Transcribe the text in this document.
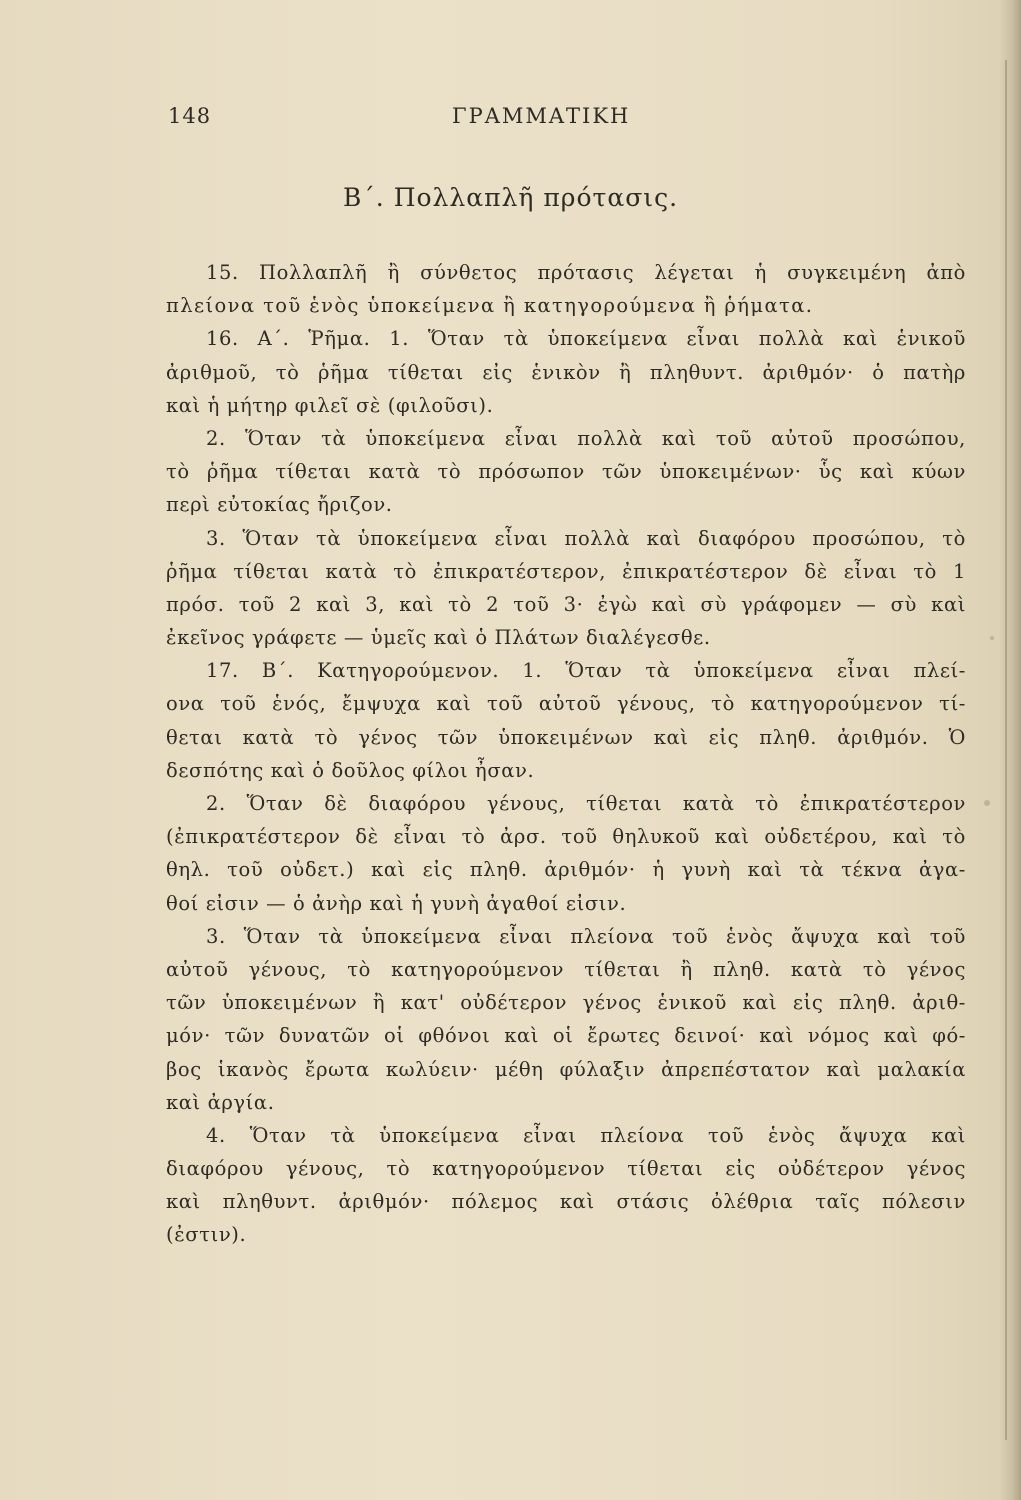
148	ΓΡΑΜΜΑΤΙΚΗ
Β΄. Πολλαπλῆ πρότασις.
15. Πολλαπλῆ ἢ σύνθετος πρότασις λέγεται ἡ συγκειμένη ἀπὸ
πλείονα τοῦ ἑνὸς ὑποκείμενα ἢ κατηγορούμενα ἢ ῥήματα.
16. Α΄. Ῥῆμα. 1. Ὅταν τὰ ὑποκείμενα εἶναι πολλὰ καὶ ἑνικοῦ
ἀριθμοῦ, τὸ ῥῆμα τίθεται εἰς ἑνικὸν ἢ πληθυντ. ἀριθμόν· ὁ πατὴρ
καὶ ἡ μήτηρ φιλεῖ σὲ (φιλοῦσι).
2. Ὅταν τὰ ὑποκείμενα εἶναι πολλὰ καὶ τοῦ αὐτοῦ προσώπου,
τὸ ῥῆμα τίθεται κατὰ τὸ πρόσωπον τῶν ὑποκειμένων· ὗς καὶ κύων
περὶ εὐτοκίας ἤριζον.
3. Ὅταν τὰ ὑποκείμενα εἶναι πολλὰ καὶ διαφόρου προσώπου, τὸ
ῥῆμα τίθεται κατὰ τὸ ἐπικρατέστερον, ἐπικρατέστερον δὲ εἶναι τὸ 1
πρόσ. τοῦ 2 καὶ 3, καὶ τὸ 2 τοῦ 3· ἐγὼ καὶ σὺ γράφομεν — σὺ καὶ
ἐκεῖνος γράφετε — ὑμεῖς καὶ ὁ Πλάτων διαλέγεσθε.
17. Β΄. Κατηγορούμενον. 1. Ὅταν τὰ ὑποκείμενα εἶναι πλεί-
ονα τοῦ ἑνός, ἔμψυχα καὶ τοῦ αὐτοῦ γένους, τὸ κατηγορούμενον τί-
θεται κατὰ τὸ γένος τῶν ὑποκειμένων καὶ εἰς πληθ. ἀριθμόν. Ὁ
δεσπότης καὶ ὁ δοῦλος φίλοι ἦσαν.
2. Ὅταν δὲ διαφόρου γένους, τίθεται κατὰ τὸ ἐπικρατέστερον
(ἐπικρατέστερον δὲ εἶναι τὸ ἀρσ. τοῦ θηλυκοῦ καὶ οὐδετέρου, καὶ τὸ
θηλ. τοῦ οὐδετ.) καὶ εἰς πληθ. ἀριθμόν· ἡ γυνὴ καὶ τὰ τέκνα ἀγα-
θοί εἰσιν — ὁ ἀνὴρ καὶ ἡ γυνὴ ἀγαθοί εἰσιν.
3. Ὅταν τὰ ὑποκείμενα εἶναι πλείονα τοῦ ἑνὸς ἄψυχα καὶ τοῦ
αὐτοῦ γένους, τὸ κατηγορούμενον τίθεται ἢ πληθ. κατὰ τὸ γένος
τῶν ὑποκειμένων ἢ κατ' οὐδέτερον γένος ἑνικοῦ καὶ εἰς πληθ. ἀριθ-
μόν· τῶν δυνατῶν οἱ φθόνοι καὶ οἱ ἔρωτες δεινοί· καὶ νόμος καὶ φό-
βος ἱκανὸς ἔρωτα κωλύειν· μέθη φύλαξιν ἀπρεπέστατον καὶ μαλακία
καὶ ἀργία.
4. Ὅταν τὰ ὑποκείμενα εἶναι πλείονα τοῦ ἑνὸς ἄψυχα καὶ
διαφόρου γένους, τὸ κατηγορούμενον τίθεται εἰς οὐδέτερον γένος
καὶ πληθυντ. ἀριθμόν· πόλεμος καὶ στάσις ὀλέθρια ταῖς πόλεσιν
(ἐστιν).
